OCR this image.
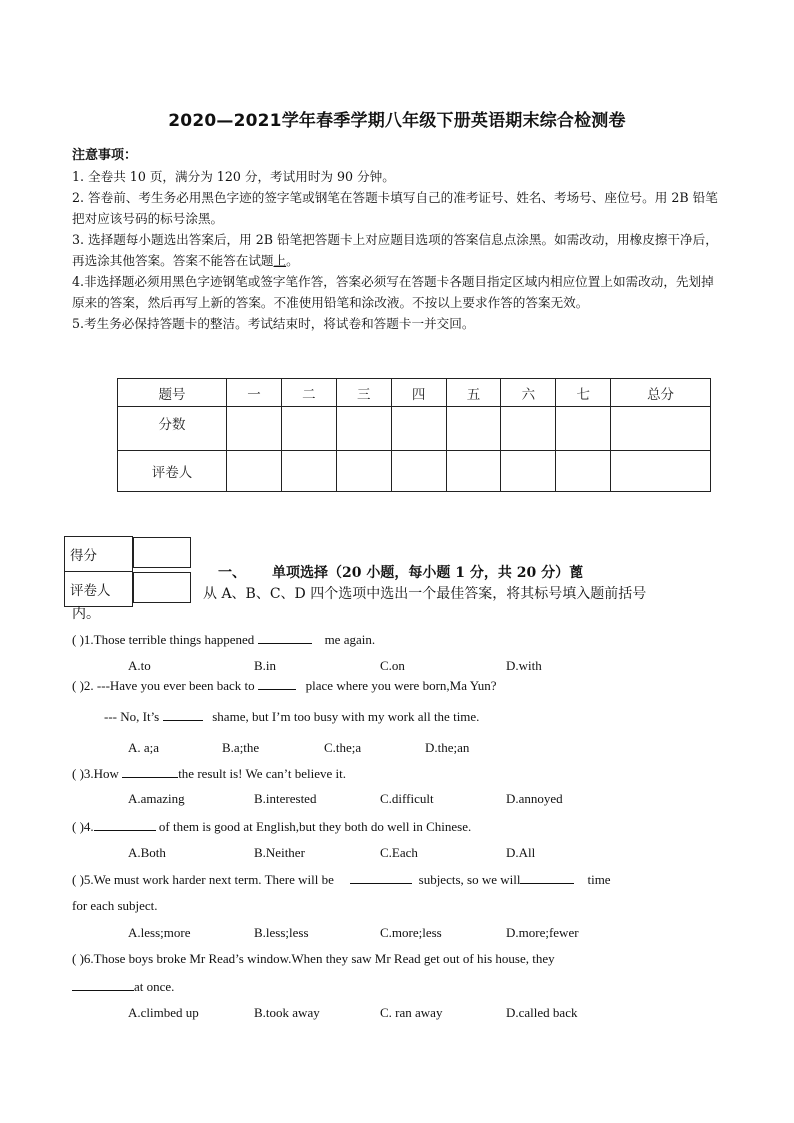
2020—2021学年春季学期八年级下册英语期末综合检测卷

注意事项：

1. 全卷共 10 页，满分为 120 分，考试用时为 90 分钟。

2. 答卷前、考生务必用黑色字迹的签字笔或钢笔在答题卡填写自己的准考证号、姓名、考场号、座位号。用 2B 铅笔把对应该号码的标号涂黑。

3. 选择题每小题选出答案后，用 2B 铅笔把答题卡上对应题目选项的答案信息点涂黑。如需改动，用橡皮擦干净后，再选涂其他答案。答案不能答在试题上。

4.非选择题必须用黑色字迹钢笔或签字笔作答，答案必须写在答题卡各题目指定区域内相应位置上如需改动，先划掉原来的答案，然后再写上新的答案。不准使用铅笔和涂改液。不按以上要求作答的答案无效。

5.考生务必保持答题卡的整洁。考试结束时，将试卷和答题卡一并交回。

题号	一	二	三	四	五	六	七	总分
分数								
评卷人								
得分	
评卷人	
一、 单项选择（20 小题，每小题 1 分，共 20 分）蓖
从 A、B、C、D 四个选项中选出一个最佳答案，将其标号填入题前括号
内。
( )1.Those terrible things happened	me again.
A.to	B.in	C.on	D.with
( )2. ---Have you ever been back to	place where you were born,Ma Yun?
--- No, It’s	shame, but I’m too busy with my work all the time.
A. a;a	B.a;the	C.the;a	D.the;an
( )3.How	the result is! We can’t believe it.
A.amazing	B.interested	C.difficult	D.annoyed
( )4.	of them is good at English,but they both do well in Chinese.
A.Both	B.Neither	C.Each	D.All
( )5.We must work harder next term. There will be	subjects, so we will	time
for each subject.
A.less;more	B.less;less	C.more;less	D.more;fewer
( )6.Those boys broke Mr Read’s window.When they saw Mr Read get out of his house, they
at once.
A.climbed up	B.took away	C. ran away	D.called back
